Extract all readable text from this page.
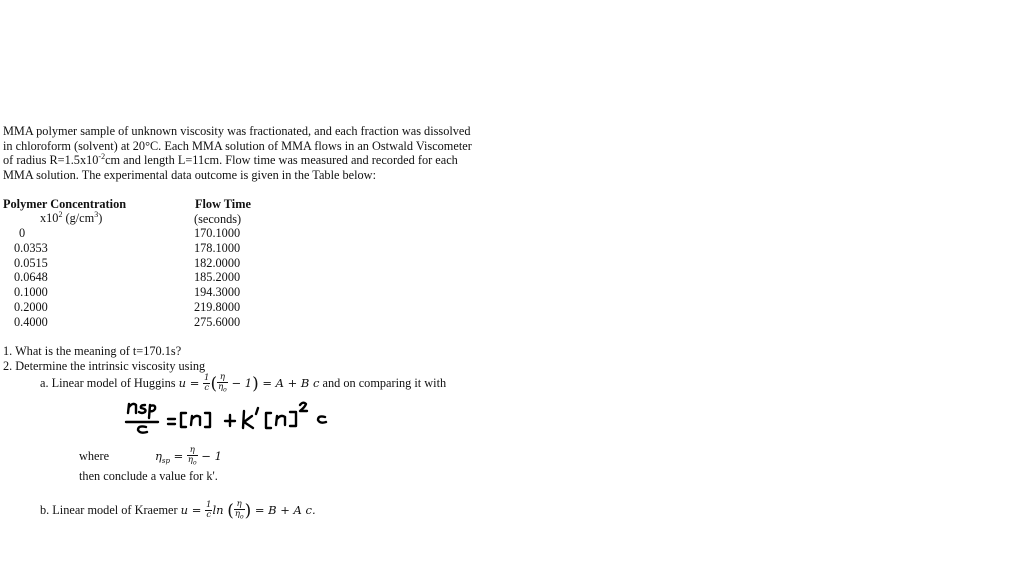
MMA polymer sample of unknown viscosity was fractionated, and each fraction was dissolved
in chloroform (solvent) at 20°C. Each MMA solution of MMA flows in an Ostwald Viscometer
of radius $R=1.5x10^{-2}cm$ and length L=11cm. Flow time was measured and recorded for each
MMA solution. The experimental data outcome is given in the Table below:
Polymer Concentration
$x10^2$ $(g/cm^3)$
Flow Time
(seconds)
0
0.0353
0.0515
0.0648
0.1000
0.2000
0.4000
170.1000
178.1000
182.0000
185.2000
194.3000
219.8000
275.6000
1. What is the meaning of t=170.1s?
2. Determine the intrinsic viscosity using
a. Linear model of Huggins $u = \frac{1}{c}$ ( $\frac{\eta}{\eta_o} - 1) = A + B$ c and on comparing it with
where	$\eta_{sp} = \frac{\eta}{\eta_o} - 1$
then conclude a value for k'.
b. Linear model of Kraemer $u = \frac{1}{c}$ ln ( $\frac{\eta}{\eta_o}$ ) = B + A c.
